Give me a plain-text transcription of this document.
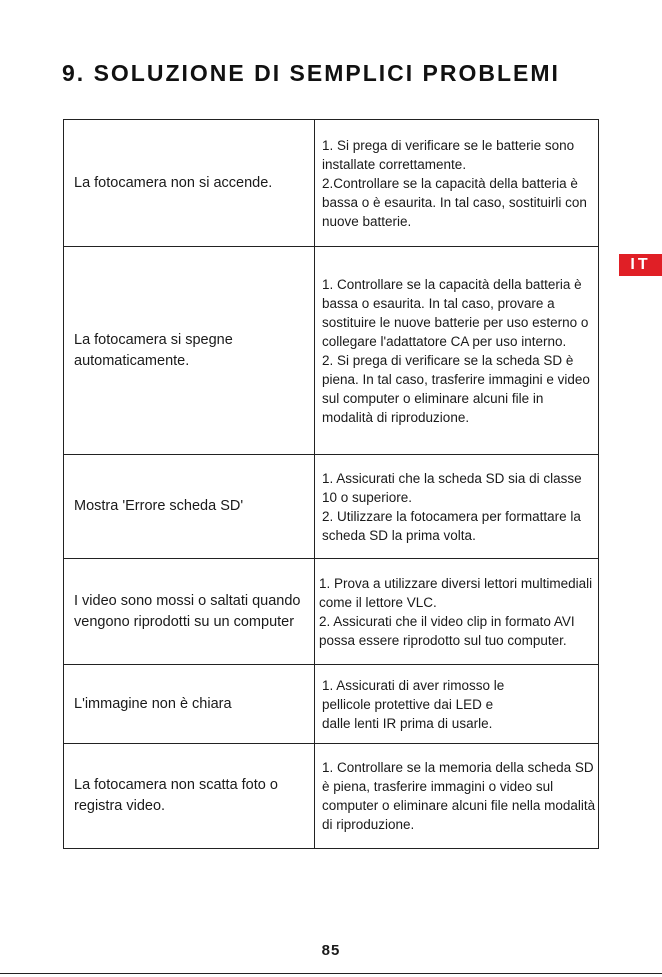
9. SOLUZIONE DI SEMPLICI PROBLEMI
IT
La fotocamera non si accende.	1. Si prega di verificare se le batterie sono installate correttamente.

2.Controllare se la capacità della batteria è bassa o è esaurita. In tal caso, sostituirli con nuove batterie.

La fotocamera si spegne automaticamente.	1. Controllare se la capacità della batteria è bassa o esaurita. In tal caso, provare a sostituire le nuove batterie per uso esterno o collegare l'adattatore CA per uso interno.

2. Si prega di verificare se la scheda SD è piena. In tal caso, trasferire immagini e video sul computer o eliminare alcuni file in modalità di riproduzione.

Mostra 'Errore scheda SD'	1. Assicurati che la scheda SD sia di classe 10 o superiore.

2. Utilizzare la fotocamera per formattare la scheda SD la prima volta.

I video sono mossi o saltati quando vengono riprodotti su un computer	1. Prova a utilizzare diversi lettori multimediali come il lettore VLC.

2. Assicurati che il video clip in formato AVI possa essere riprodotto sul tuo computer.

L'immagine non è chiara	1. Assicurati di aver rimosso le pellicole protettive dai LED e dalle lenti IR prima di usarle.

La fotocamera non scatta foto o registra video.	1. Controllare se la memoria della scheda SD è piena, trasferire immagini o video sul computer o eliminare alcuni file nella modalità di riproduzione.

85
